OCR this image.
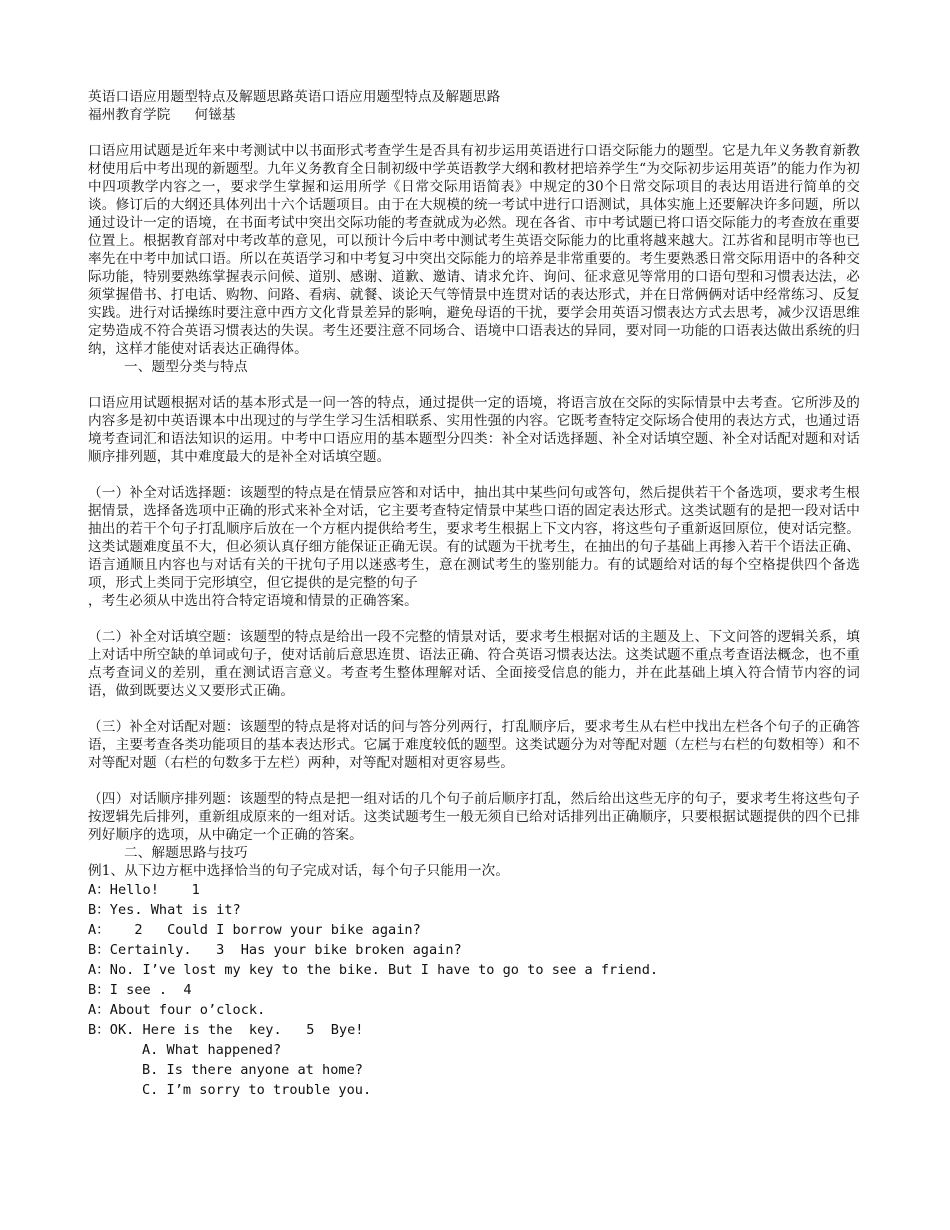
英语口语应用题型特点及解题思路英语口语应用题型特点及解题思路

福州教育学院 何镃基

口语应用试题是近年来中考测试中以书面形式考查学生是否具有初步运用英语进行口语交际能力的题型。它是九年义务教育新教材使用后中考出现的新题型。九年义务教育全日制初级中学英语教学大纲和教材把培养学生“为交际初步运用英语”的能力作为初中四项教学内容之一，要求学生掌握和运用所学《日常交际用语简表》中规定的30个日常交际项目的表达用语进行简单的交谈。修订后的大纲还具体列出十六个话题项目。由于在大规模的统一考试中进行口语测试，具体实施上还要解决许多问题，所以通过设计一定的语境，在书面考试中突出交际功能的考查就成为必然。现在各省、市中考试题已将口语交际能力的考查放在重要位置上。根据教育部对中考改革的意见，可以预计今后中考中测试考生英语交际能力的比重将越来越大。江苏省和昆明市等也已率先在中考中加试口语。所以在英语学习和中考复习中突出交际能力的培养是非常重要的。考生要熟悉日常交际用语中的各种交际功能，特别要熟练掌握表示问候、道别、感谢、道歉、邀请、请求允许、询问、征求意见等常用的口语句型和习惯表达法，必须掌握借书、打电话、购物、问路、看病、就餐、谈论天气等情景中连贯对话的表达形式，并在日常俩俩对话中经常练习、反复实践。进行对话操练时要注意中西方文化背景差异的影响，避免母语的干扰，要学会用英语习惯表达方式去思考，减少汉语思维定势造成不符合英语习惯表达的失误。考生还要注意不同场合、语境中口语表达的异同，要对同一功能的口语表达做出系统的归纳，这样才能使对话表达正确得体。

一、题型分类与特点

口语应用试题根据对话的基本形式是一问一答的特点，通过提供一定的语境，将语言放在交际的实际情景中去考查。它所涉及的内容多是初中英语课本中出现过的与学生学习生活相联系、实用性强的内容。它既考查特定交际场合使用的表达方式，也通过语境考查词汇和语法知识的运用。中考中口语应用的基本题型分四类：补全对话选择题、补全对话填空题、补全对话配对题和对话顺序排列题，其中难度最大的是补全对话填空题。

（一）补全对话选择题：该题型的特点是在情景应答和对话中，抽出其中某些问句或答句，然后提供若干个备选项，要求考生根据情景，选择备选项中正确的形式来补全对话，它主要考查特定情景中某些口语的固定表达形式。这类试题有的是把一段对话中抽出的若干个句子打乱顺序后放在一个方框内提供给考生，要求考生根据上下文内容，将这些句子重新返回原位，使对话完整。这类试题难度虽不大，但必须认真仔细方能保证正确无误。有的试题为干扰考生，在抽出的句子基础上再掺入若干个语法正确、语言通顺且内容也与对话有关的干扰句子用以迷惑考生，意在测试考生的鉴别能力。有的试题给对话的每个空格提供四个备选项，形式上类同于完形填空，但它提供的是完整的句子

，考生必须从中选出符合特定语境和情景的正确答案。

（二）补全对话填空题：该题型的特点是给出一段不完整的情景对话，要求考生根据对话的主题及上、下文问答的逻辑关系，填上对话中所空缺的单词或句子，使对话前后意思连贯、语法正确、符合英语习惯表达法。这类试题不重点考查语法概念，也不重点考查词义的差别，重在测试语言意义。考查考生整体理解对话、全面接受信息的能力，并在此基础上填入符合情节内容的词语，做到既要达义又要形式正确。

（三）补全对话配对题：该题型的特点是将对话的问与答分列两行，打乱顺序后，要求考生从右栏中找出左栏各个句子的正确答语，主要考查各类功能项目的基本表达形式。它属于难度较低的题型。这类试题分为对等配对题（左栏与右栏的句数相等）和不对等配对题（右栏的句数多于左栏）两种，对等配对题相对更容易些。

（四）对话顺序排列题：该题型的特点是把一组对话的几个句子前后顺序打乱，然后给出这些无序的句子，要求考生将这些句子按逻辑先后排列，重新组成原来的一组对话。这类试题考生一般无须自已给对话排列出正确顺序，只要根据试题提供的四个已排列好顺序的选项，从中确定一个正确的答案。

二、解题思路与技巧

例1、从下边方框中选择恰当的句子完成对话，每个句子只能用一次。

A：Hello!    1

B：Yes. What is it?

A：   2   Could I borrow your bike again?

B：Certainly.   3  Has your bike broken again?

A：No. I’ve lost my key to the bike. But I have to go to see a friend.

B：I see .  4

A：About four o’clock.

B：OK. Here is the  key.   5  Bye!

A. What happened?

B. Is there anyone at home?

C. I’m sorry to trouble you.
